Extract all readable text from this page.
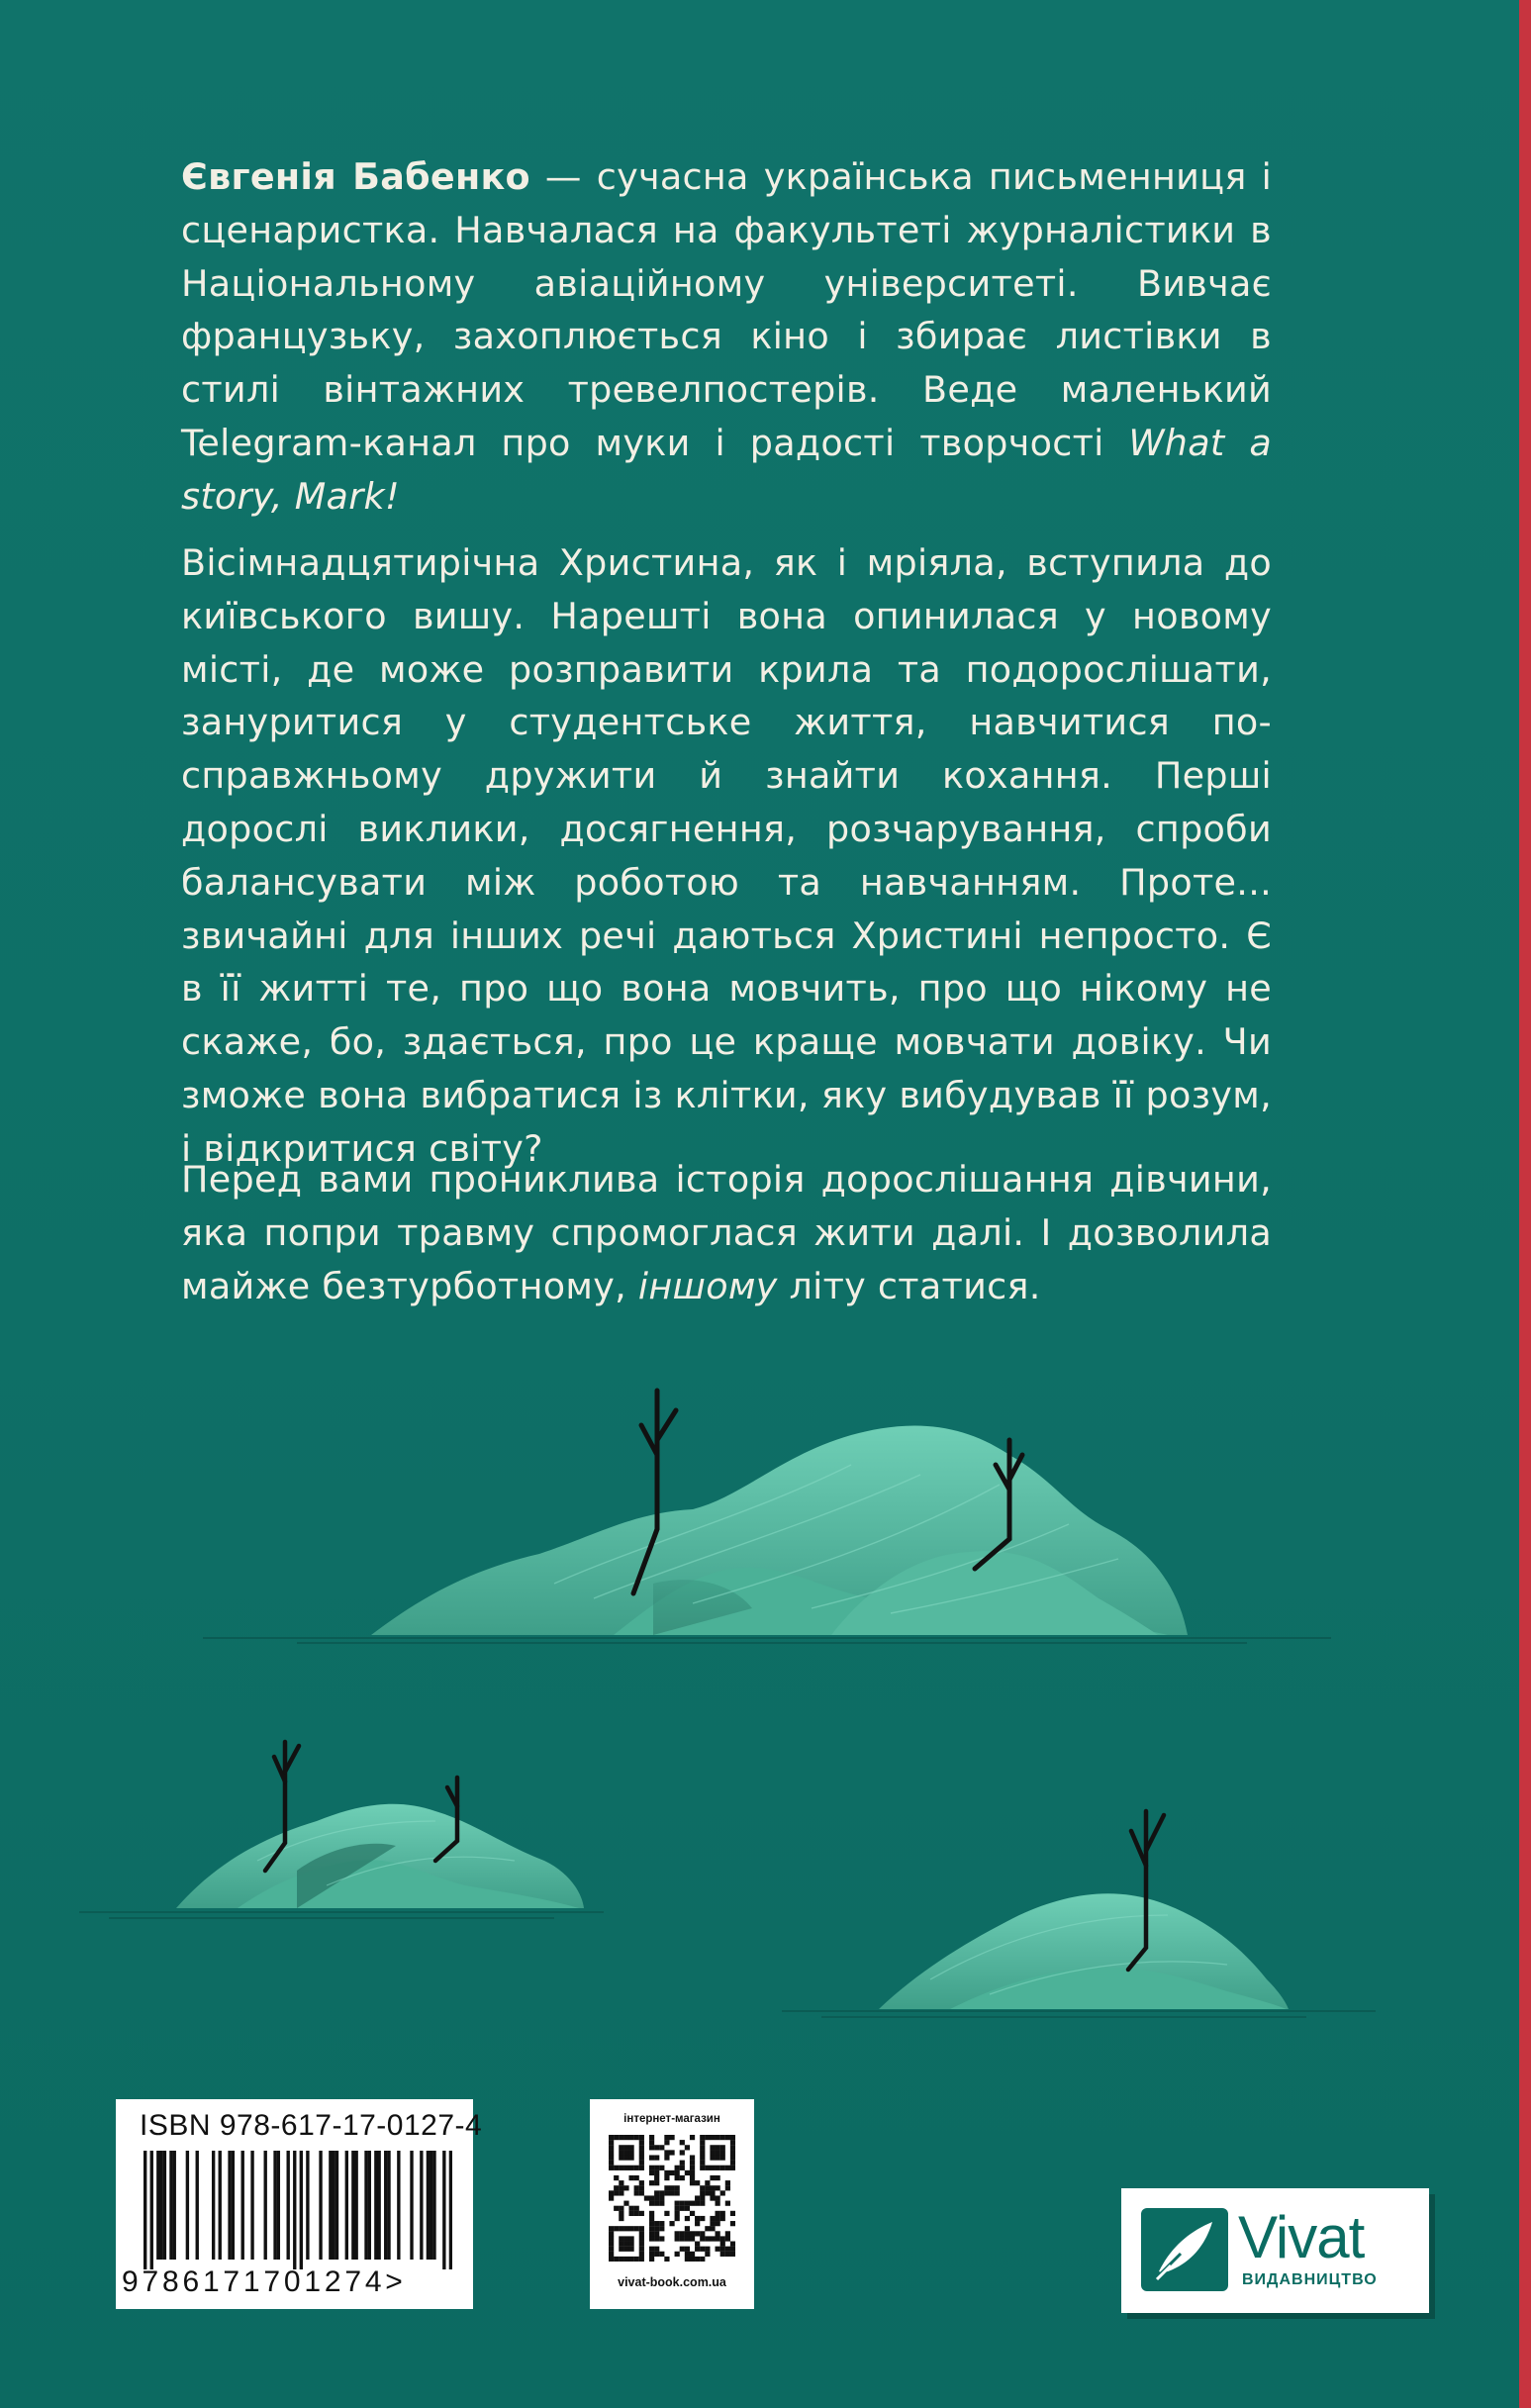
Євгенія Бабенко — сучасна українська письменниця і сценаристка. Навчалася на факультеті журналістики в Національному авіаційному університеті. Вивчає французьку, захоплюється кіно і збирає листівки в стилі вінтажних тревелпостерів. Веде маленький Telegram-канал про муки і радості творчості What a story, Mark!

Вісімнадцятирічна Христина, як і мріяла, вступила до київського вишу. Нарешті вона опинилася у новому місті, де може розправити крила та подорослішати, зануритися у студентське життя, навчитися по-справжньому дружити й знайти кохання. Перші дорослі виклики, досягнення, розчарування, спроби балансувати між роботою та навчанням. Проте... звичайні для інших речі даються Христині непросто. Є в її житті те, про що вона мовчить, про що нікому не скаже, бо, здається, про це краще мовчати довіку. Чи зможе вона вибратися із клітки, яку вибудував її розум, і відкритися світу?

Перед вами прониклива історія дорослішання дівчини, яка попри травму спромоглася жити далі. І дозволила майже безтурботному, іншому літу статися.

ISBN 978-617-17-0127-4
9786171701274>
інтернет-магазин
vivat-book.com.ua
Vivat
ВИДАВНИЦТВО
